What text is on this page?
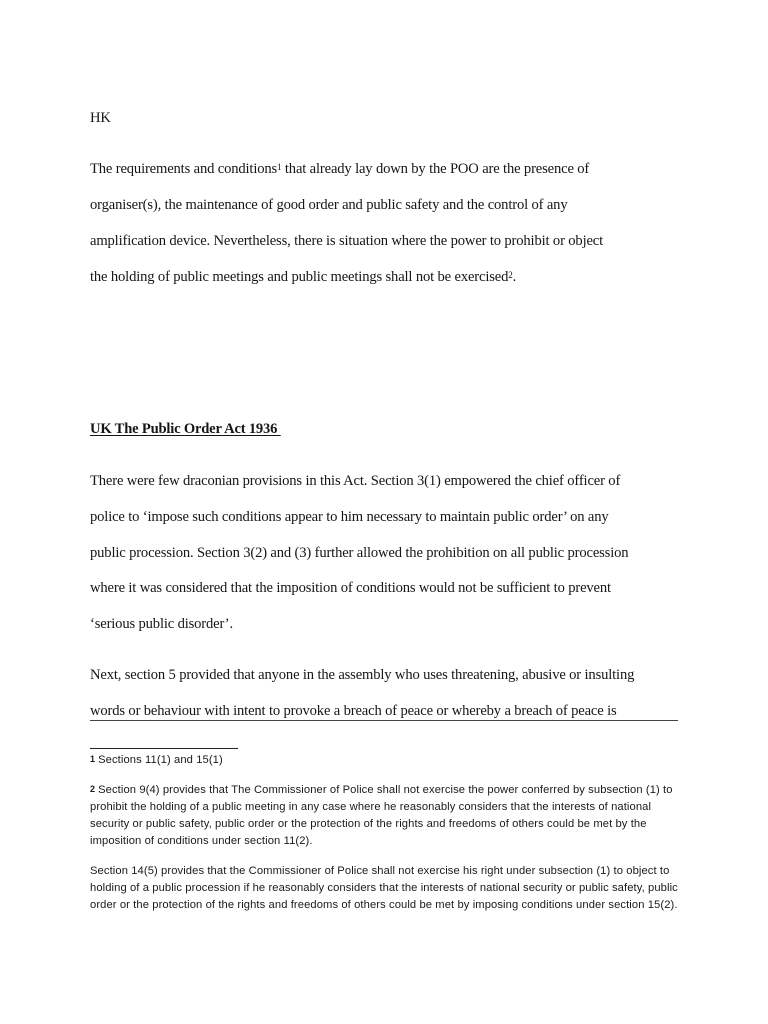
HK
The requirements and conditions$^1$ that already lay down by the POO are the presence of
organiser(s), the maintenance of good order and public safety and the control of any
amplification device. Nevertheless, there is situation where the power to prohibit or object
the holding of public meetings and public meetings shall not be exercised$^2$.
UK The Public Order Act 1936
There were few draconian provisions in this Act. Section 3(1) empowered the chief officer of
police to ‘impose such conditions appear to him necessary to maintain public order’ on any
public procession. Section 3(2) and (3) further allowed the prohibition on all public procession
where it was considered that the imposition of conditions would not be sufficient to prevent
‘serious public disorder’.
Next, section 5 provided that anyone in the assembly who uses threatening, abusive or insulting
words or behaviour with intent to provoke a breach of peace or whereby a breach of peace is
$^1$ Sections 11(1) and 15(1)
$^2$ Section 9(4) provides that The Commissioner of Police shall not exercise the power conferred by subsection (1) to prohibit the holding of a public meeting in any case where he reasonably considers that the interests of national security or public safety, public order or the protection of the rights and freedoms of others could be met by the imposition of conditions under section 11(2).
Section 14(5) provides that the Commissioner of Police shall not exercise his right under subsection (1) to object to holding of a public procession if he reasonably considers that the interests of national security or public safety, public order or the protection of the rights and freedoms of others could be met by imposing conditions under section 15(2).
